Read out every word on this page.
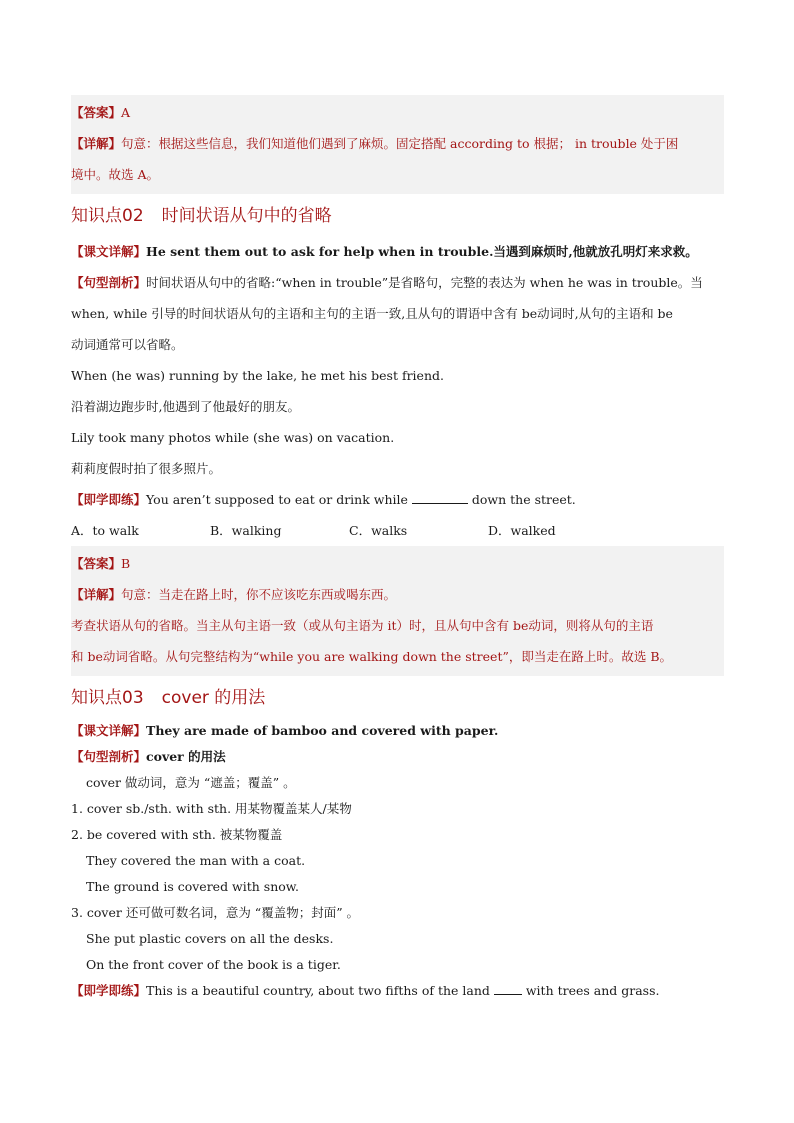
【答案】A
【详解】句意：根据这些信息，我们知道他们遇到了麻烦。固定搭配 according to 根据； in trouble 处于困
境中。故选 A。
知识点02 时间状语从句中的省略
【课文详解】He sent them out to ask for help when in trouble.当遇到麻烦时,他就放孔明灯来求救。
【句型剖析】时间状语从句中的省略:“when in trouble”是省略句，完整的表达为 when he was in trouble。当
when, while 引导的时间状语从句的主语和主句的主语一致,且从句的谓语中含有 be动词时,从句的主语和 be
动词通常可以省略。
When (he was) running by the lake, he met his best friend.
沿着湖边跑步时,他遇到了他最好的朋友。
Lily took many photos while (she was) on vacation.
莉莉度假时拍了很多照片。
【即学即练】You aren’t supposed to eat or drink while	down the street.
A．to walk	B．walking	C．walks	D．walked
【答案】B
【详解】句意：当走在路上时，你不应该吃东西或喝东西。
考查状语从句的省略。当主从句主语一致（或从句主语为 it）时，且从句中含有 be动词，则将从句的主语
和 be动词省略。从句完整结构为“while you are walking down the street”，即当走在路上时。故选 B。
知识点03 cover 的用法
【课文详解】They are made of bamboo and covered with paper.
【句型剖析】cover 的用法
cover 做动词，意为 “遮盖；覆盖” 。
1. cover sb./sth. with sth. 用某物覆盖某人/某物
2. be covered with sth. 被某物覆盖
They covered the man with a coat.
The ground is covered with snow.
3. cover 还可做可数名词，意为 “覆盖物；封面” 。
She put plastic covers on all the desks.
On the front cover of the book is a tiger.
【即学即练】This is a beautiful country, about two fifths of the land  with trees and grass.
